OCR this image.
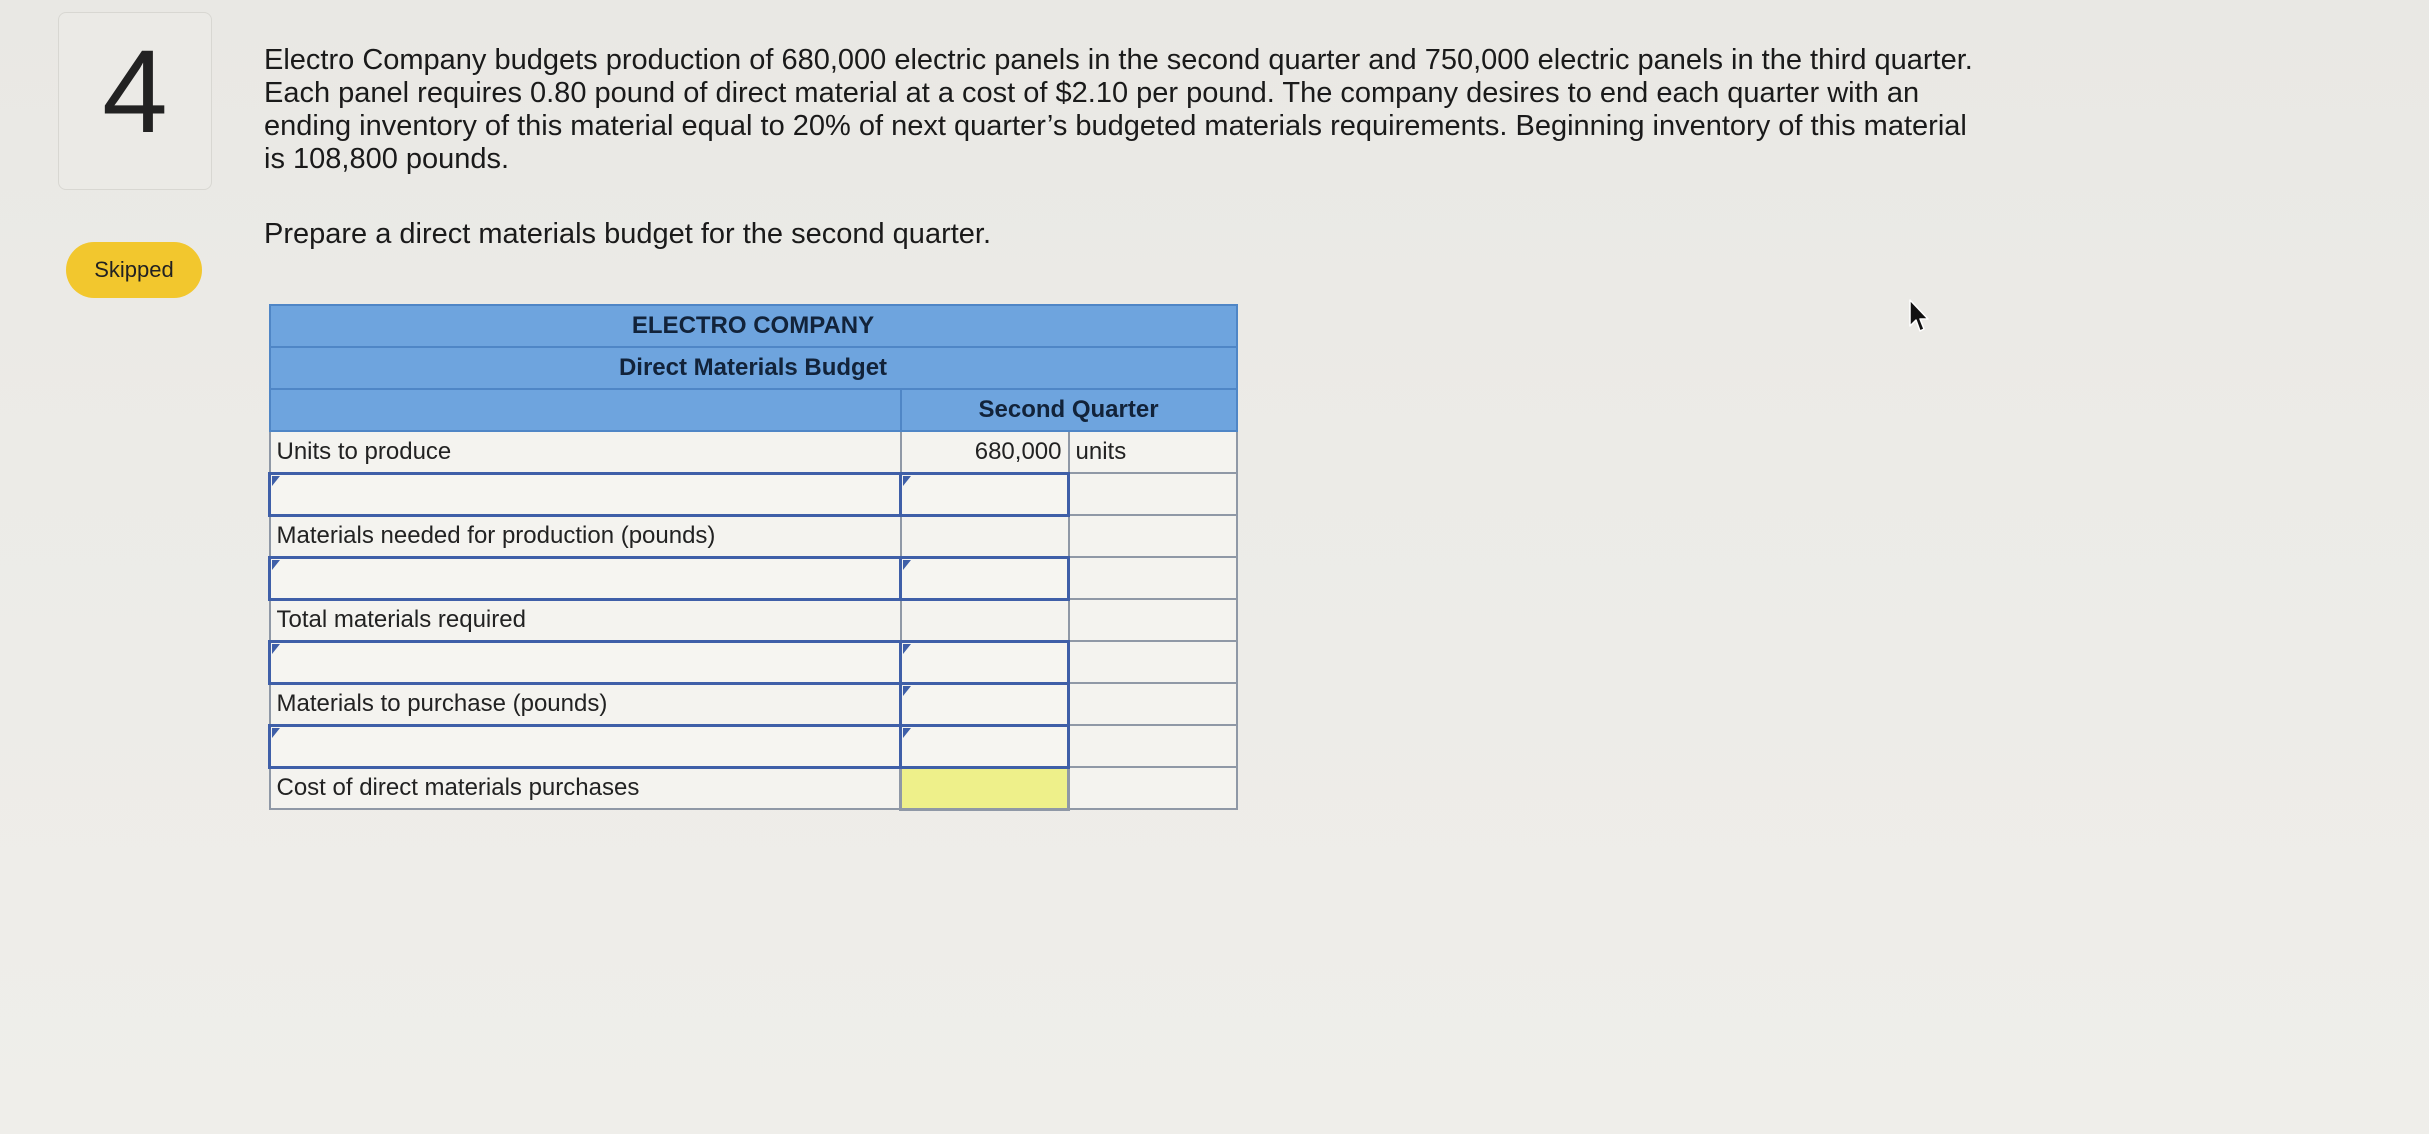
4
Skipped

Electro Company budgets production of 680,000 electric panels in the second quarter and 750,000 electric panels in the third quarter.

Each panel requires 0.80 pound of direct material at a cost of $2.10 per pound. The company desires to end each quarter with an

ending inventory of this material equal to 20% of next quarter’s budgeted materials requirements. Beginning inventory of this material

is 108,800 pounds.

Prepare a direct materials budget for the second quarter.
ELECTRO COMPANY		
Direct Materials Budget		
	Second Quarter	
Units to produce	680,000	units

Materials needed for production (pounds)		

Total materials required		

Materials to purchase (pounds)		

Cost of direct materials purchases		
